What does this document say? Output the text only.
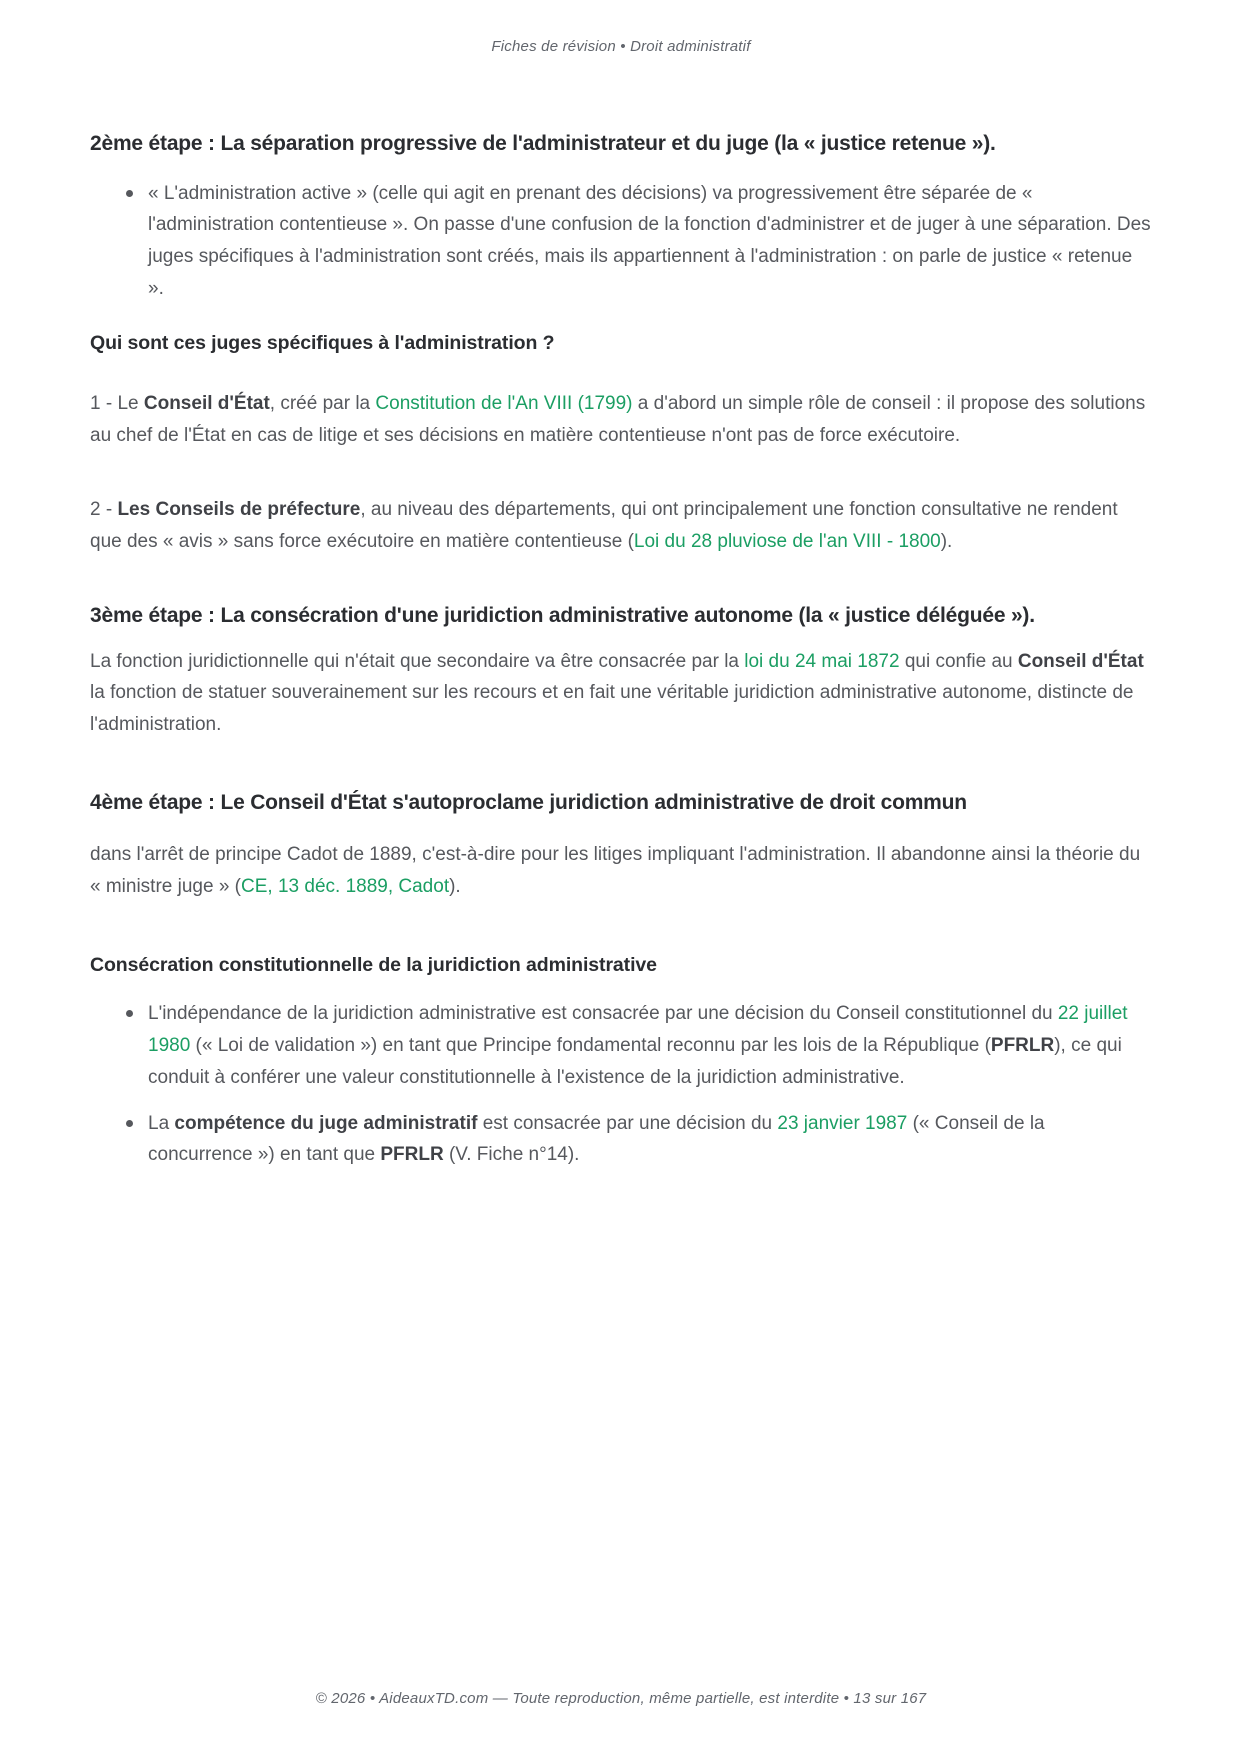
Fiches de révision • Droit administratif
2ème étape : La séparation progressive de l'administrateur et du juge (la « justice retenue »).
« L'administration active » (celle qui agit en prenant des décisions) va progressivement être séparée de « l'administration contentieuse ». On passe d'une confusion de la fonction d'administrer et de juger à une séparation. Des juges spécifiques à l'administration sont créés, mais ils appartiennent à l'administration : on parle de justice « retenue ».
Qui sont ces juges spécifiques à l'administration ?

1 - Le Conseil d'État, créé par la Constitution de l'An VIII (1799) a d'abord un simple rôle de conseil : il propose des solutions au chef de l'État en cas de litige et ses décisions en matière contentieuse n'ont pas de force exécutoire.

2 - Les Conseils de préfecture, au niveau des départements, qui ont principalement une fonction consultative ne rendent que des « avis » sans force exécutoire en matière contentieuse (Loi du 28 pluviose de l'an VIII - 1800).

3ème étape : La consécration d'une juridiction administrative autonome (la « justice déléguée »).

La fonction juridictionnelle qui n'était que secondaire va être consacrée par la loi du 24 mai 1872 qui confie au Conseil d'État la fonction de statuer souverainement sur les recours et en fait une véritable juridiction administrative autonome, distincte de l'administration.

4ème étape : Le Conseil d'État s'autoproclame juridiction administrative de droit commun

dans l'arrêt de principe Cadot de 1889, c'est-à-dire pour les litiges impliquant l'administration. Il abandonne ainsi la théorie du « ministre juge » (CE, 13 déc. 1889, Cadot).

Consécration constitutionnelle de la juridiction administrative
L'indépendance de la juridiction administrative est consacrée par une décision du Conseil constitutionnel du 22 juillet 1980 (« Loi de validation ») en tant que Principe fondamental reconnu par les lois de la République (PFRLR), ce qui conduit à conférer une valeur constitutionnelle à l'existence de la juridiction administrative.
La compétence du juge administratif est consacrée par une décision du 23 janvier 1987 (« Conseil de la concurrence ») en tant que PFRLR (V. Fiche n°14).
© 2026 • AideauxTD.com — Toute reproduction, même partielle, est interdite • 13 sur 167
